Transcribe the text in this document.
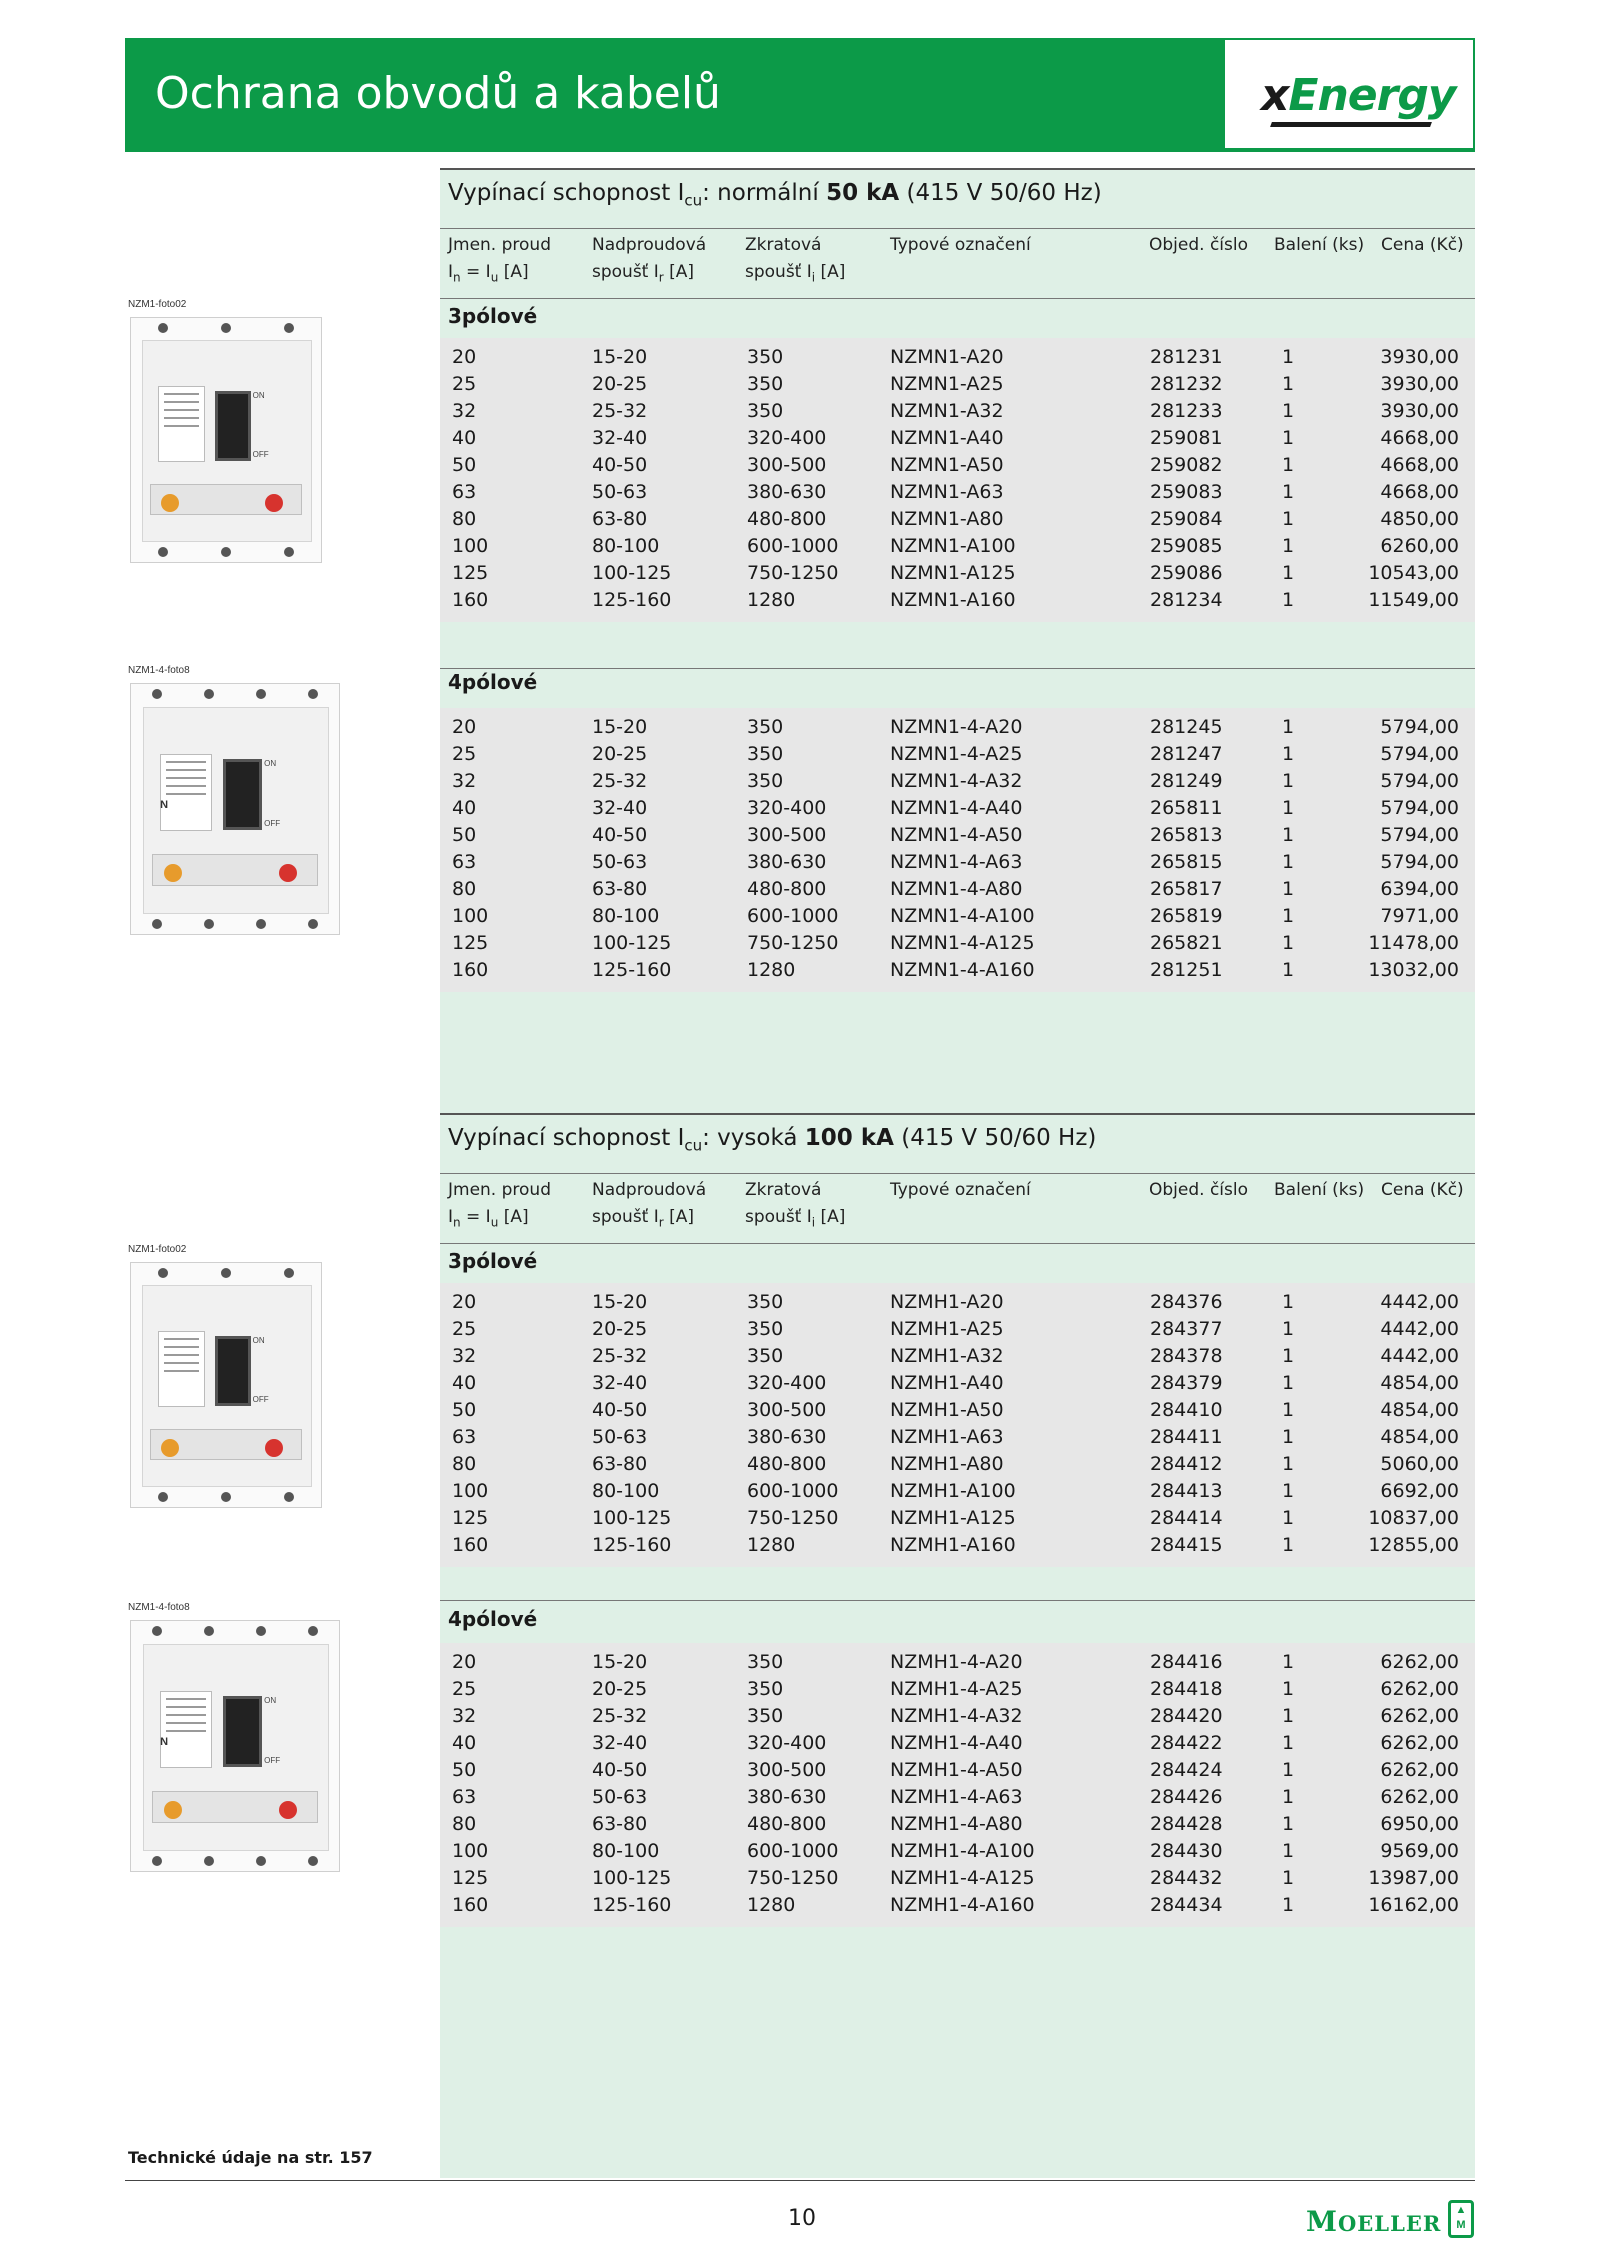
Ochrana obvodů a kabelů	xEnergy
Vypínací schopnost $I_{cu}$: normální 50 kA (415 V 50/60 Hz)
Jmen. proud
$I_n = I_u$ [A]
Nadproudová
spoušť $I_r$ [A]
Zkratová
spoušť $I_i$ [A]
Typové označení	Objed. číslo Balení (ks) Cena (Kč)
3pólové
NZM1-foto02
ON
OFF
20	15-20	350	NZMN1-A20	281231	1	3930,00
25	20-25	350	NZMN1-A25	281232	1	3930,00
32	25-32	350	NZMN1-A32	281233	1	3930,00
40	32-40	320-400	NZMN1-A40	259081	1	4668,00
50	40-50	300-500	NZMN1-A50	259082	1	4668,00
63	50-63	380-630	NZMN1-A63	259083	1	4668,00
80	63-80	480-800	NZMN1-A80	259084	1	4850,00
100	80-100	600-1000	NZMN1-A100	259085	1	6260,00
125	100-125	750-1250	NZMN1-A125	259086	1	10543,00
160	125-160	1280	NZMN1-A160	281234	1	11549,00
4pólové
NZM1-4-foto8
ON
OFF
N
20	15-20	350	NZMN1-4-A20	281245	1	5794,00
25	20-25	350	NZMN1-4-A25	281247	1	5794,00
32	25-32	350	NZMN1-4-A32	281249	1	5794,00
40	32-40	320-400	NZMN1-4-A40	265811	1	5794,00
50	40-50	300-500	NZMN1-4-A50	265813	1	5794,00
63	50-63	380-630	NZMN1-4-A63	265815	1	5794,00
80	63-80	480-800	NZMN1-4-A80	265817	1	6394,00
100	80-100	600-1000	NZMN1-4-A100	265819	1	7971,00
125	100-125	750-1250	NZMN1-4-A125	265821	1	11478,00
160	125-160	1280	NZMN1-4-A160	281251	1	13032,00
Vypínací schopnost $I_{cu}$: vysoká 100 kA (415 V 50/60 Hz)
Jmen. proud
$I_n = I_u$ [A]
Nadproudová
spoušť $I_r$ [A]
Zkratová
spoušť $I_i$ [A]
Typové označení	Objed. číslo Balení (ks) Cena (Kč)
3pólové
NZM1-foto02
ON
OFF
20	15-20	350	NZMH1-A20	284376	1	4442,00
25	20-25	350	NZMH1-A25	284377	1	4442,00
32	25-32	350	NZMH1-A32	284378	1	4442,00
40	32-40	320-400	NZMH1-A40	284379	1	4854,00
50	40-50	300-500	NZMH1-A50	284410	1	4854,00
63	50-63	380-630	NZMH1-A63	284411	1	4854,00
80	63-80	480-800	NZMH1-A80	284412	1	5060,00
100	80-100	600-1000	NZMH1-A100	284413	1	6692,00
125	100-125	750-1250	NZMH1-A125	284414	1	10837,00
160	125-160	1280	NZMH1-A160	284415	1	12855,00
4pólové
NZM1-4-foto8
ON
OFF
N
20	15-20	350	NZMH1-4-A20	284416	1	6262,00
25	20-25	350	NZMH1-4-A25	284418	1	6262,00
32	25-32	350	NZMH1-4-A32	284420	1	6262,00
40	32-40	320-400	NZMH1-4-A40	284422	1	6262,00
50	40-50	300-500	NZMH1-4-A50	284424	1	6262,00
63	50-63	380-630	NZMH1-4-A63	284426	1	6262,00
80	63-80	480-800	NZMH1-4-A80	284428	1	6950,00
100	80-100	600-1000	NZMH1-4-A100	284430	1	9569,00
125	100-125	750-1250	NZMH1-4-A125	284432	1	13987,00
160	125-160	1280	NZMH1-4-A160	284434	1	16162,00
Technické údaje na str. 157
10	MOELLER
▲
M
